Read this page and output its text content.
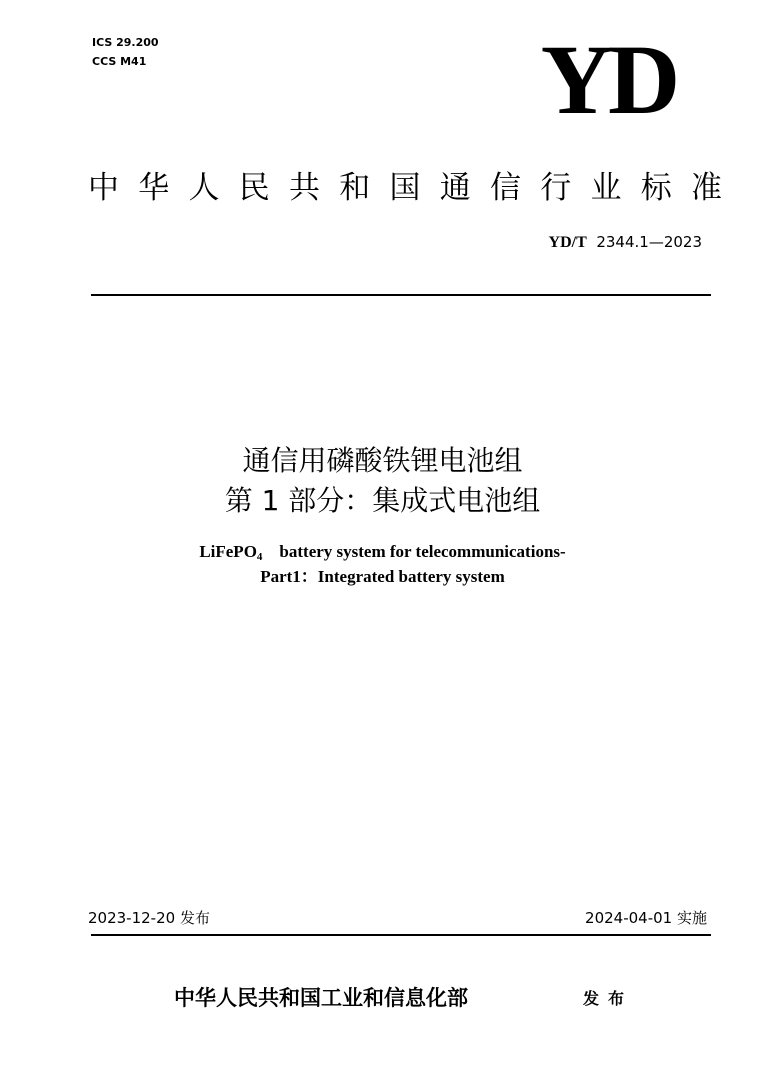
ICS 29.200
CCS M41	YD
中 华 人 民 共 和 国 通 信 行 业 标 准
YD/T 2344.1—2023
通信用磷酸铁锂电池组
第 1 部分：集成式电池组
LiFePO$_4$ battery system for telecommunications-
Part1：Integrated battery system
2023-12-20 发布	2024-04-01 实施
中华人民共和国工业和信息化部	发布
